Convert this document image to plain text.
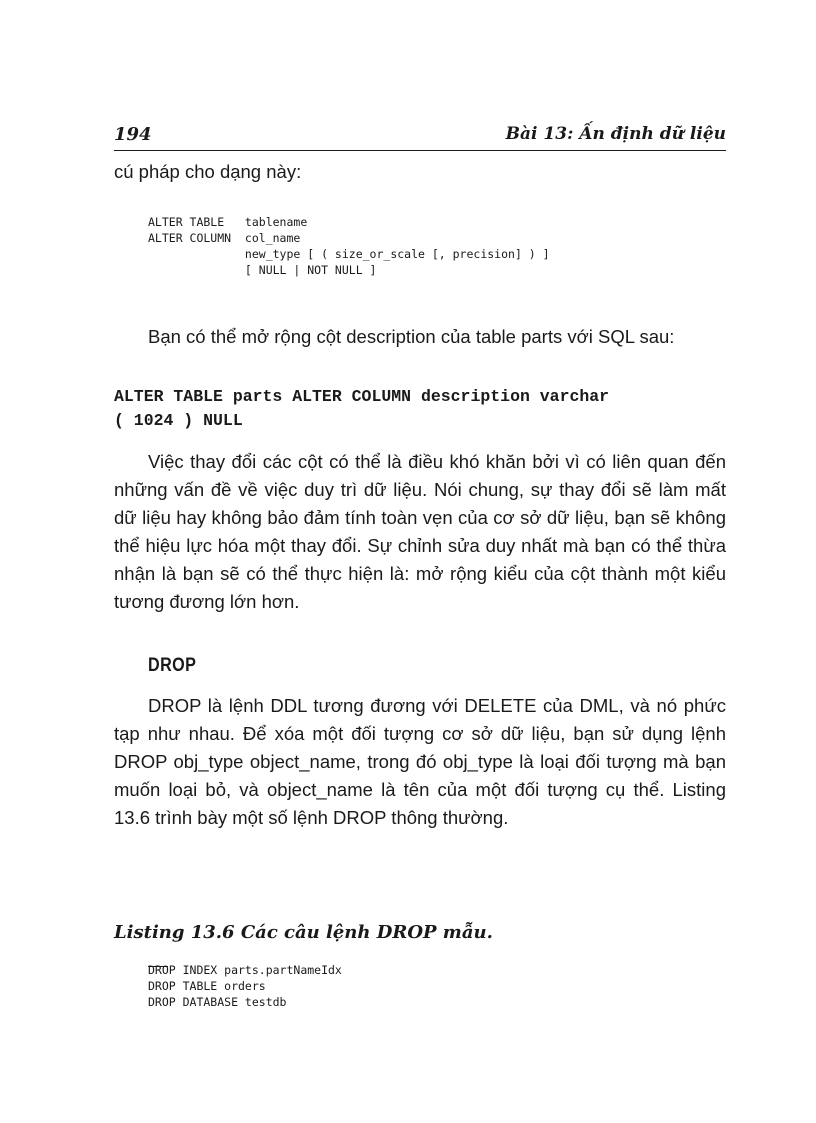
194	Bài 13: Ấn định dữ liệu

cú pháp cho dạng này:

ALTER TABLE   tablename
ALTER COLUMN  col_name
new_type [ ( size_or_scale [, precision] ) ]
[ NULL | NOT NULL ]

Bạn có thể mở rộng cột description của table parts với SQL sau:

ALTER TABLE parts ALTER COLUMN description varchar
( 1024 ) NULL

Việc thay đổi các cột có thể là điều khó khăn bởi vì có liên quan đến những vấn đề về việc duy trì dữ liệu. Nói chung, sự thay đổi sẽ làm mất dữ liệu hay không bảo đảm tính toàn vẹn của cơ sở dữ liệu, bạn sẽ không thể hiệu lực hóa một thay đổi. Sự chỉnh sửa duy nhất mà bạn có thể thừa nhận là bạn sẽ có thể thực hiện là: mở rộng kiểu của cột thành một kiểu tương đương lớn hơn.

DROP

DROP là lệnh DDL tương đương với DELETE của DML, và nó phức tạp như nhau. Để xóa một đối tượng cơ sở dữ liệu, bạn sử dụng lệnh DROP obj_type object_name, trong đó obj_type là loại đối tượng mà bạn muốn loại bỏ, và object_name là tên của một đối tượng cụ thể. Listing 13.6 trình bày một số lệnh DROP thông thường.

Listing 13.6 Các câu lệnh DROP mẫu.
DROP INDEX parts.partNameIdx
DROP TABLE orders
DROP DATABASE testdb
